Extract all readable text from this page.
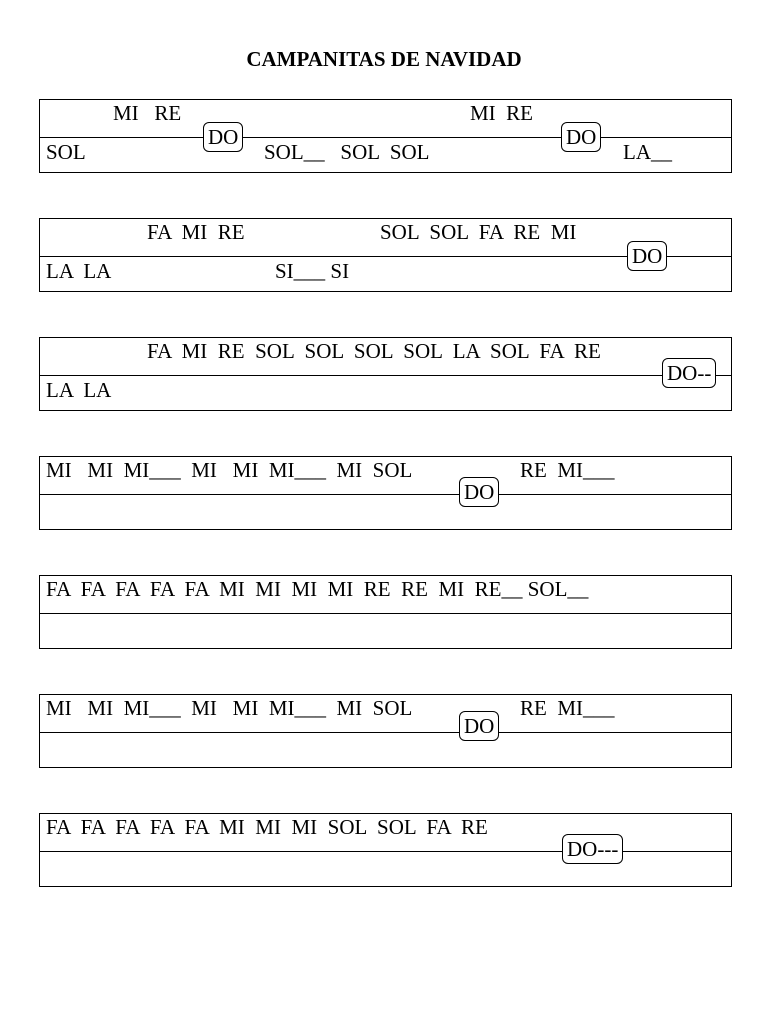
CAMPANITAS DE NAVIDAD
MI   RE	MI  RE
SOL
DO
SOL__   SOL  SOL
DO
LA__
FA  MI  RE	SOL  SOL  FA  RE  MI
LA  LA	SI___ SI
DO
FA  MI  RE  SOL  SOL  SOL  SOL  LA  SOL  FA  RE
LA  LA
DO--
MI   MI  MI___  MI   MI  MI___  MI  SOL
DO
RE  MI___
FA  FA  FA  FA  FA  MI  MI  MI  MI  RE  RE  MI  RE__ SOL__
MI   MI  MI___  MI   MI  MI___  MI  SOL
DO
RE  MI___
FA  FA  FA  FA  FA  MI  MI  MI  SOL  SOL  FA  RE
DO---
